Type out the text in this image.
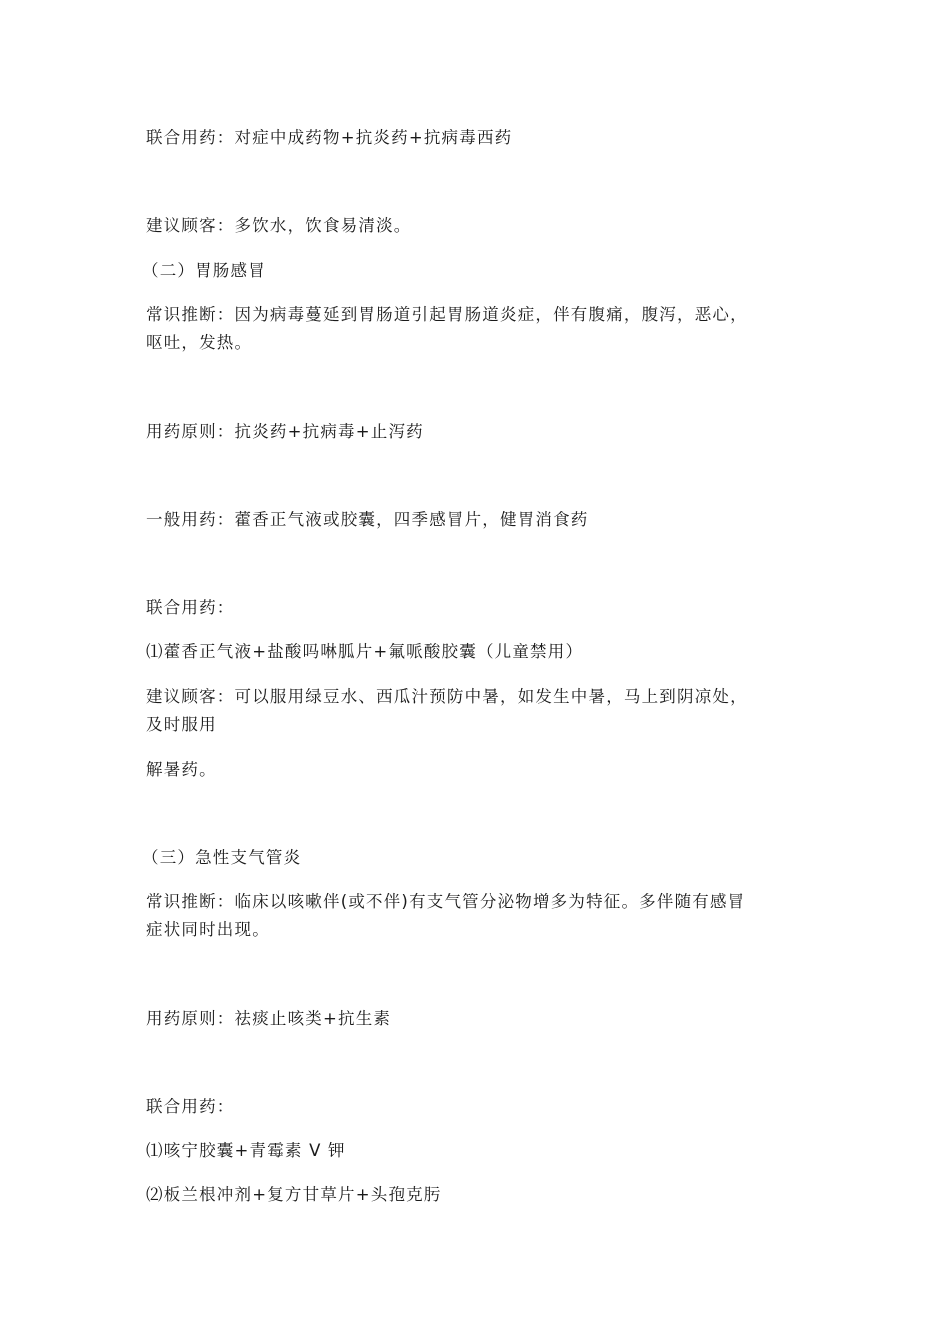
联合用药：对症中成药物+抗炎药+抗病毒西药

建议顾客：多饮水，饮食易清淡。

（二）胃肠感冒

常识推断：因为病毒蔓延到胃肠道引起胃肠道炎症，伴有腹痛，腹泻，恶心，

呕吐，发热。

用药原则：抗炎药+抗病毒+止泻药

一般用药：藿香正气液或胶囊，四季感冒片，健胃消食药

联合用药：

⑴藿香正气液+盐酸吗啉胍片+氟哌酸胶囊（儿童禁用）

建议顾客：可以服用绿豆水、西瓜汁预防中暑，如发生中暑，马上到阴凉处，

及时服用

解暑药。

（三）急性支气管炎

常识推断：临床以咳嗽伴(或不伴)有支气管分泌物增多为特征。多伴随有感冒

症状同时出现。

用药原则：祛痰止咳类+抗生素

联合用药：

⑴咳宁胶囊+青霉素 V 钾

⑵板兰根冲剂+复方甘草片+头孢克肟
